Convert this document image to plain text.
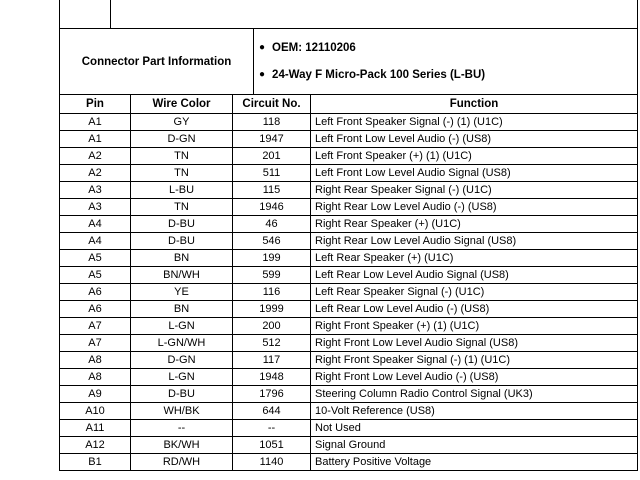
Connector Part Information	
● OEM: 12110206
● 24-Way F Micro-Pack 100 Series (L-BU)
Pin	Wire Color	Circuit No.	Function
A1	GY	118	Left Front Speaker Signal (-) (1) (U1C)
A1	D-GN	1947	Left Front Low Level Audio (-) (US8)
A2	TN	201	Left Front Speaker (+) (1) (U1C)
A2	TN	511	Left Front Low Level Audio Signal (US8)
A3	L-BU	115	Right Rear Speaker Signal (-) (U1C)
A3	TN	1946	Right Rear Low Level Audio (-) (US8)
A4	D-BU	46	Right Rear Speaker (+) (U1C)
A4	D-BU	546	Right Rear Low Level Audio Signal (US8)
A5	BN	199	Left Rear Speaker (+) (U1C)
A5	BN/WH	599	Left Rear Low Level Audio Signal (US8)
A6	YE	116	Left Rear Speaker Signal (-) (U1C)
A6	BN	1999	Left Rear Low Level Audio (-) (US8)
A7	L-GN	200	Right Front Speaker (+) (1) (U1C)
A7	L-GN/WH	512	Right Front Low Level Audio Signal (US8)
A8	D-GN	117	Right Front Speaker Signal (-) (1) (U1C)
A8	L-GN	1948	Right Front Low Level Audio (-) (US8)
A9	D-BU	1796	Steering Column Radio Control Signal (UK3)
A10	WH/BK	644	10-Volt Reference (US8)
A11	--	--	Not Used
A12	BK/WH	1051	Signal Ground
B1	RD/WH	1140	Battery Positive Voltage
